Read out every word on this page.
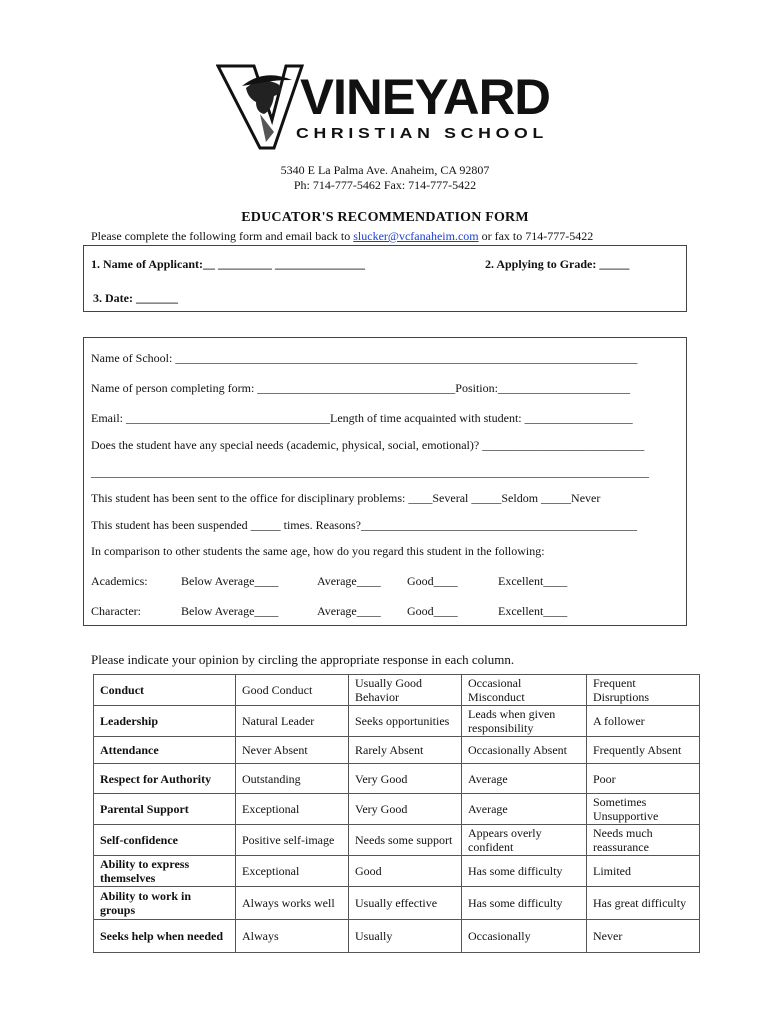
VINEYARD
CHRISTIAN SCHOOL
5340 E La Palma Ave. Anaheim, CA 92807
Ph: 714-777-5462 Fax: 714-777-5422
EDUCATOR'S RECOMMENDATION FORM
Please complete the following form and email back to slucker@vcfanaheim.com or fax to 714-777-5422
1. Name of Applicant:__ _________ _______________	2. Applying to Grade: _____
3. Date: _______
Name of School: _____________________________________________________________________________
Name of person completing form: _________________________________Position:______________________
Email: __________________________________Length of time acquainted with student: __________________
Does the student have any special needs (academic, physical, social, emotional)? ___________________________
_____________________________________________________________________________________________
This student has been sent to the office for disciplinary problems: ____Several _____Seldom _____Never
This student has been suspended _____ times. Reasons?______________________________________________
In comparison to other students the same age, how do you regard this student in the following:
Academics:	Below Average____	Average____ Good____	Excellent____
Character:	Below Average____	Average____ Good____	Excellent____
Please indicate your opinion by circling the appropriate response in each column.
Conduct	Good Conduct	Usually Good Behavior	Occasional Misconduct	Frequent Disruptions
Leadership	Natural Leader	Seeks opportunities	Leads when given responsibility	A follower
Attendance	Never Absent	Rarely Absent	Occasionally Absent	Frequently Absent
Respect for Authority	Outstanding	Very Good	Average	Poor
Parental Support	Exceptional	Very Good	Average	Sometimes Unsupportive
Self-confidence	Positive self-image	Needs some support	Appears overly confident	Needs much reassurance
Ability to express themselves	Exceptional	Good	Has some difficulty	Limited
Ability to work in groups	Always works well	Usually effective	Has some difficulty	Has great difficulty
Seeks help when needed	Always	Usually	Occasionally	Never
